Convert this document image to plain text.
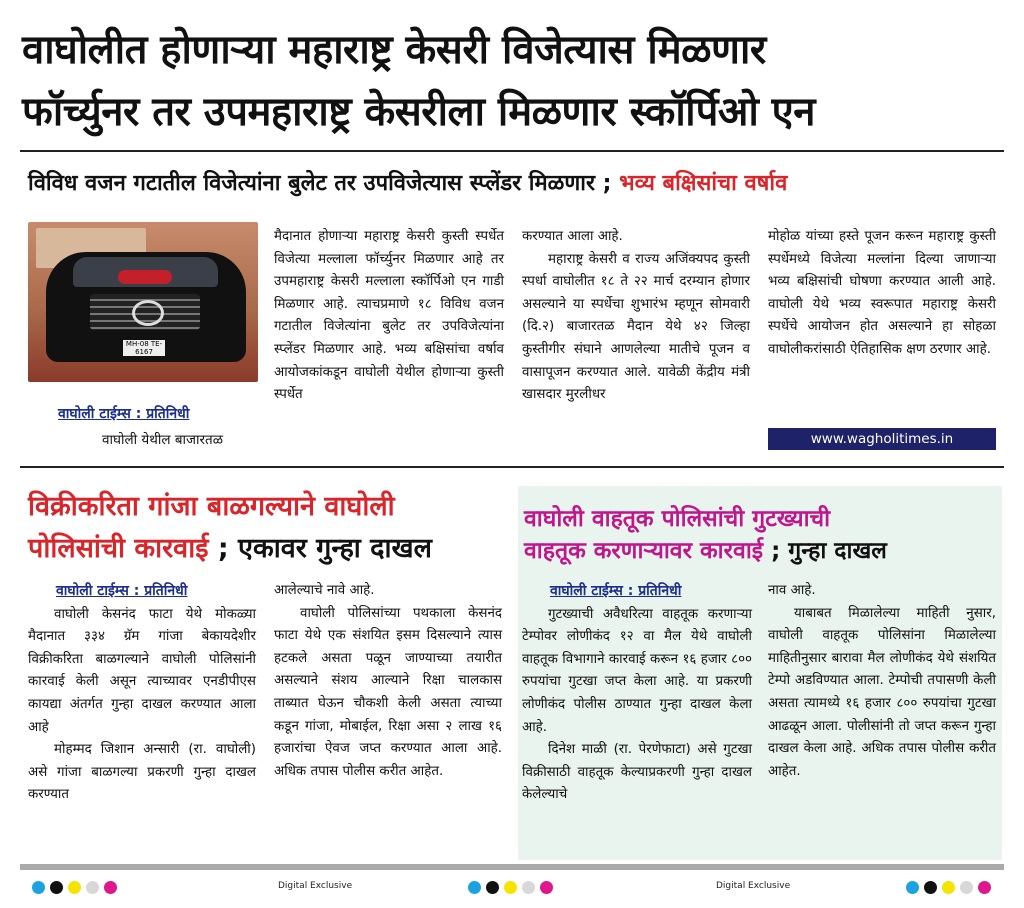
वाघोलीत होणाऱ्या महाराष्ट्र केसरी विजेत्यास मिळणार
फॉर्च्युनर तर उपमहाराष्ट्र केसरीला मिळणार स्कॉर्पिओ एन
विविध वजन गटातील विजेत्यांना बुलेट तर उपविजेत्यास स्प्लेंडर मिळणार ; भव्य बक्षिसांचा वर्षाव
MH-08 TE-6167
वाघोली टाईम्स : प्रतिनिधी
वाघोली येथील बाजारतळ

मैदानात होणाऱ्या महाराष्ट्र केसरी कुस्ती स्पर्धेत विजेत्या मल्लाला फॉर्च्युनर मिळणार आहे तर उपमहाराष्ट्र केसरी मल्लाला स्कॉर्पिओ एन गाडी मिळणार आहे. त्याचप्रमाणे १८ विविध वजन गटातील विजेत्यांना बुलेट तर उपविजेत्यांना स्प्लेंडर मिळणार आहे. भव्य बक्षिसांचा वर्षाव आयोजकांकडून वाघोली येथील होणाऱ्या कुस्ती स्पर्धेत

करण्यात आला आहे.

महाराष्ट्र केसरी व राज्य अजिंक्यपद कुस्ती स्पर्धा वाघोलीत १८ ते २२ मार्च दरम्यान होणार असल्याने या स्पर्धेचा शुभारंभ म्हणून सोमवारी (दि.२) बाजारतळ मैदान येथे ४२ जिल्हा कुस्तीगीर संघाने आणलेल्या मातीचे पूजन व वासापूजन करण्यात आले. यावेळी केंद्रीय मंत्री खासदार मुरलीधर

मोहोळ यांच्या हस्ते पूजन करून महाराष्ट्र कुस्ती स्पर्धेमध्ये विजेत्या मल्लांना दिल्या जाणाऱ्या भव्य बक्षिसांची घोषणा करण्यात आली आहे. वाघोली येथे भव्य स्वरूपात महाराष्ट्र केसरी स्पर्धेचे आयोजन होत असल्याने हा सोहळा वाघोलीकरांसाठी ऐतिहासिक क्षण ठरणार आहे.

www.wagholitimes.in
विक्रीकरिता गांजा बाळगल्याने वाघोली
पोलिसांची कारवाई ; एकावर गुन्हा दाखल

वाघोली टाईम्स : प्रतिनिधी

वाघोली केसनंद फाटा येथे मोकळ्या मैदानात ३३४ ग्रॅम गांजा बेकायदेशीर विक्रीकरिता बाळगल्याने वाघोली पोलिसांनी कारवाई केली असून त्याच्यावर एनडीपीएस कायद्या अंतर्गत गुन्हा दाखल करण्यात आला आहे

मोहम्मद जिशान अन्सारी (रा. वाघोली) असे गांजा बाळगल्या प्रकरणी गुन्हा दाखल करण्यात

आलेल्याचे नावे आहे.

वाघोली पोलिसांच्या पथकाला केसनंद फाटा येथे एक संशयित इसम दिसल्याने त्यास हटकले असता पळून जाण्याच्या तयारीत असल्याने संशय आल्याने रिक्षा चालकास ताब्यात घेऊन चौकशी केली असता त्याच्या कडून गांजा, मोबाईल, रिक्षा असा २ लाख १६ हजारांचा ऐवज जप्त करण्यात आला आहे. अधिक तपास पोलीस करीत आहेत.

वाघोली वाहतूक पोलिसांची गुटख्याची
वाहतूक करणाऱ्यावर कारवाई ; गुन्हा दाखल

वाघोली टाईम्स : प्रतिनिधी

गुटख्याची अवैधरित्या वाहतूक करणाऱ्या टेम्पोवर लोणीकंद १२ वा मैल येथे वाघोली वाहतूक विभागाने कारवाई करून १६ हजार ८०० रुपयांचा गुटखा जप्त केला आहे. या प्रकरणी लोणीकंद पोलीस ठाण्यात गुन्हा दाखल केला आहे.

दिनेश माळी (रा. पेरणेफाटा) असे गुटखा विक्रीसाठी वाहतूक केल्याप्रकरणी गुन्हा दाखल केलेल्याचे

नाव आहे.

याबाबत मिळालेल्या माहिती नुसार, वाघोली वाहतूक पोलिसांना मिळालेल्या माहितीनुसार बारावा मैल लोणीकंद येथे संशयित टेम्पो अडविण्यात आला. टेम्पोची तपासणी केली असता त्यामध्ये १६ हजार ८०० रुपयांचा गुटखा आढळून आला. पोलीसांनी तो जप्त करून गुन्हा दाखल केला आहे. अधिक तपास पोलीस करीत आहेत.

Digital Exclusive	Digital Exclusive
